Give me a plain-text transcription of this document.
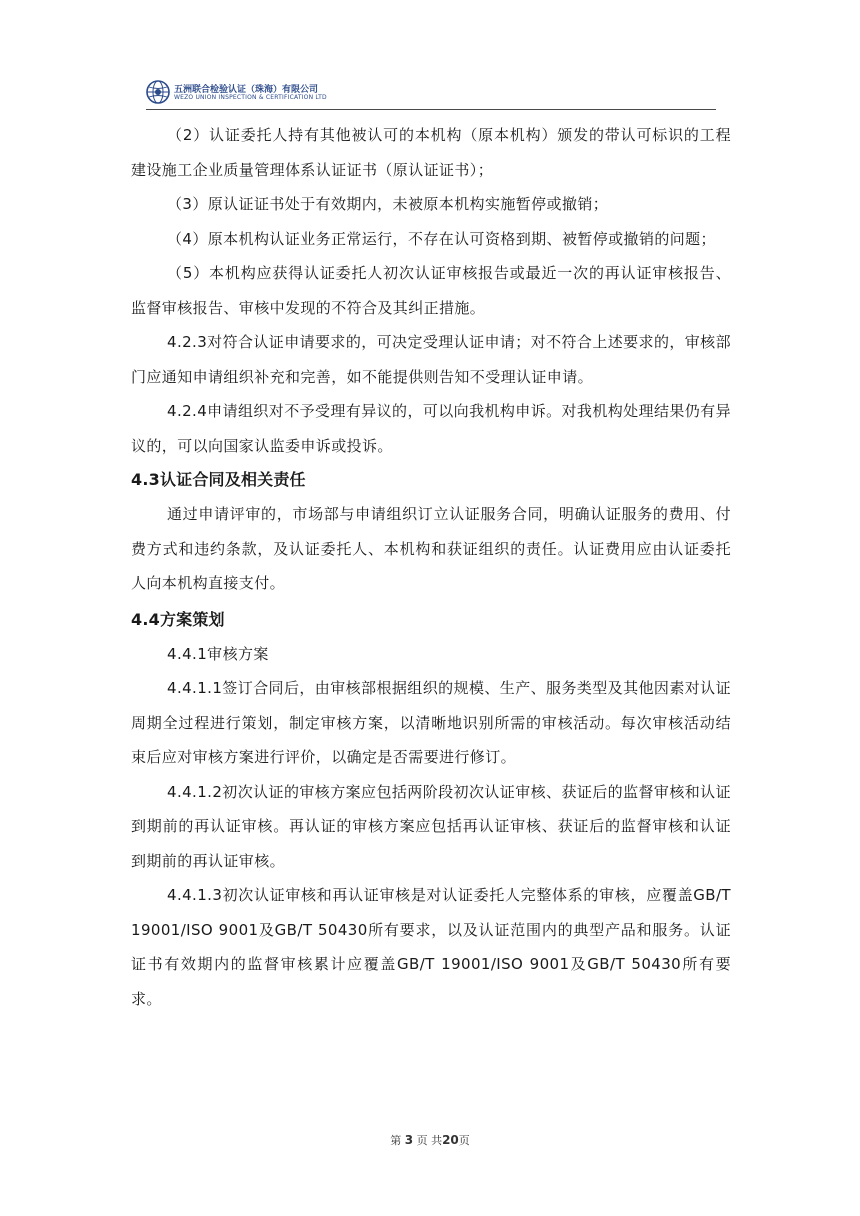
五洲联合检验认证（珠海）有限公司
WEZO UNION INSPECTION & CERTIFICATION LTD

（2）认证委托人持有其他被认可的本机构（原本机构）颁发的带认可标识的工程建设施工企业质量管理体系认证证书（原认证证书）；

（3）原认证证书处于有效期内，未被原本机构实施暂停或撤销；

（4）原本机构认证业务正常运行，不存在认可资格到期、被暂停或撤销的问题；

（5）本机构应获得认证委托人初次认证审核报告或最近一次的再认证审核报告、监督审核报告、审核中发现的不符合及其纠正措施。

4.2.3对符合认证申请要求的，可决定受理认证申请；对不符合上述要求的，审核部门应通知申请组织补充和完善，如不能提供则告知不受理认证申请。

4.2.4申请组织对不予受理有异议的，可以向我机构申诉。对我机构处理结果仍有异议的，可以向国家认监委申诉或投诉。

4.3认证合同及相关责任

通过申请评审的，市场部与申请组织订立认证服务合同，明确认证服务的费用、付费方式和违约条款，及认证委托人、本机构和获证组织的责任。认证费用应由认证委托人向本机构直接支付。

4.4方案策划

4.4.1审核方案

4.4.1.1签订合同后，由审核部根据组织的规模、生产、服务类型及其他因素对认证周期全过程进行策划，制定审核方案，以清晰地识别所需的审核活动。每次审核活动结束后应对审核方案进行评价，以确定是否需要进行修订。

4.4.1.2初次认证的审核方案应包括两阶段初次认证审核、获证后的监督审核和认证到期前的再认证审核。再认证的审核方案应包括再认证审核、获证后的监督审核和认证到期前的再认证审核。

4.4.1.3初次认证审核和再认证审核是对认证委托人完整体系的审核，应覆盖GB/T 19001/ISO 9001及GB/T 50430所有要求，以及认证范围内的典型产品和服务。认证证书有效期内的监督审核累计应覆盖GB/T 19001/ISO 9001及GB/T 50430所有要求。

第 3 页 共20页
